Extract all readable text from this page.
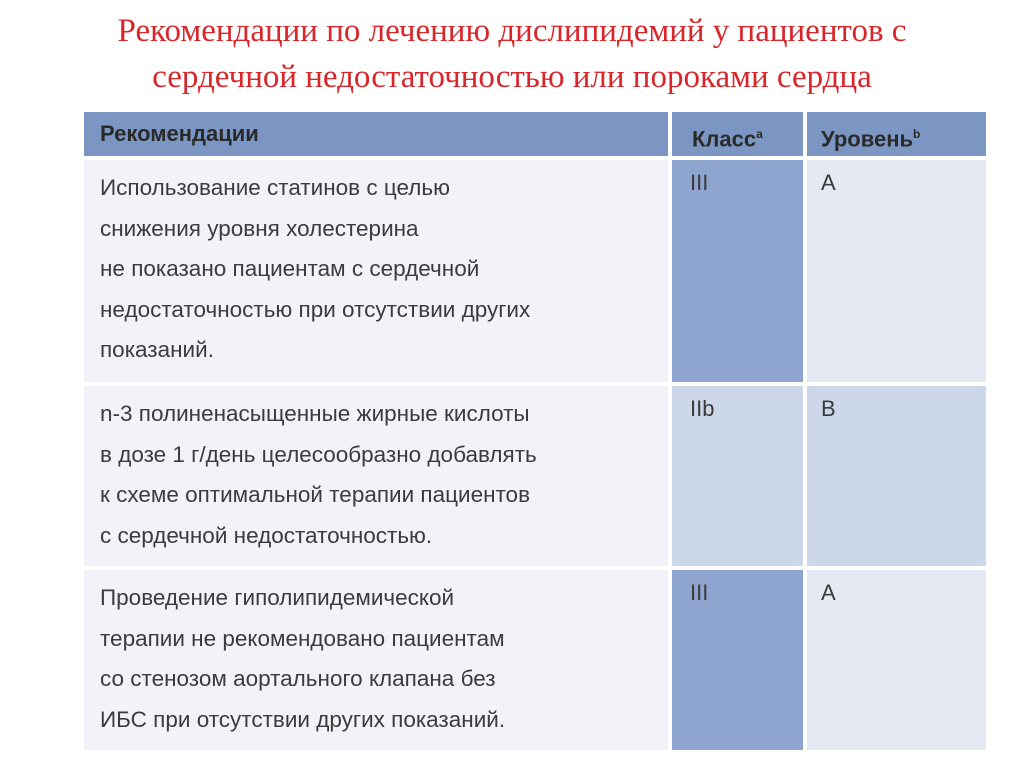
Рекомендации по лечению дислипидемий у пациентов с
сердечной недостаточностью или пороками сердца
Рекомендации	Класс$^a$	Уровень$^b$
Использование статинов с целью
снижения уровня холестерина
не показано пациентам с сердечной
недостаточностью при отсутствии других
показаний.
III	A
n-3 полиненасыщенные жирные кислоты
в дозе 1 г/день целесообразно добавлять
к схеме оптимальной терапии пациентов
с сердечной недостаточностью.
IIb	B
Проведение гиполипидемической
терапии не рекомендовано пациентам
со стенозом аортального клапана без
ИБС при отсутствии других показаний.
III	A
